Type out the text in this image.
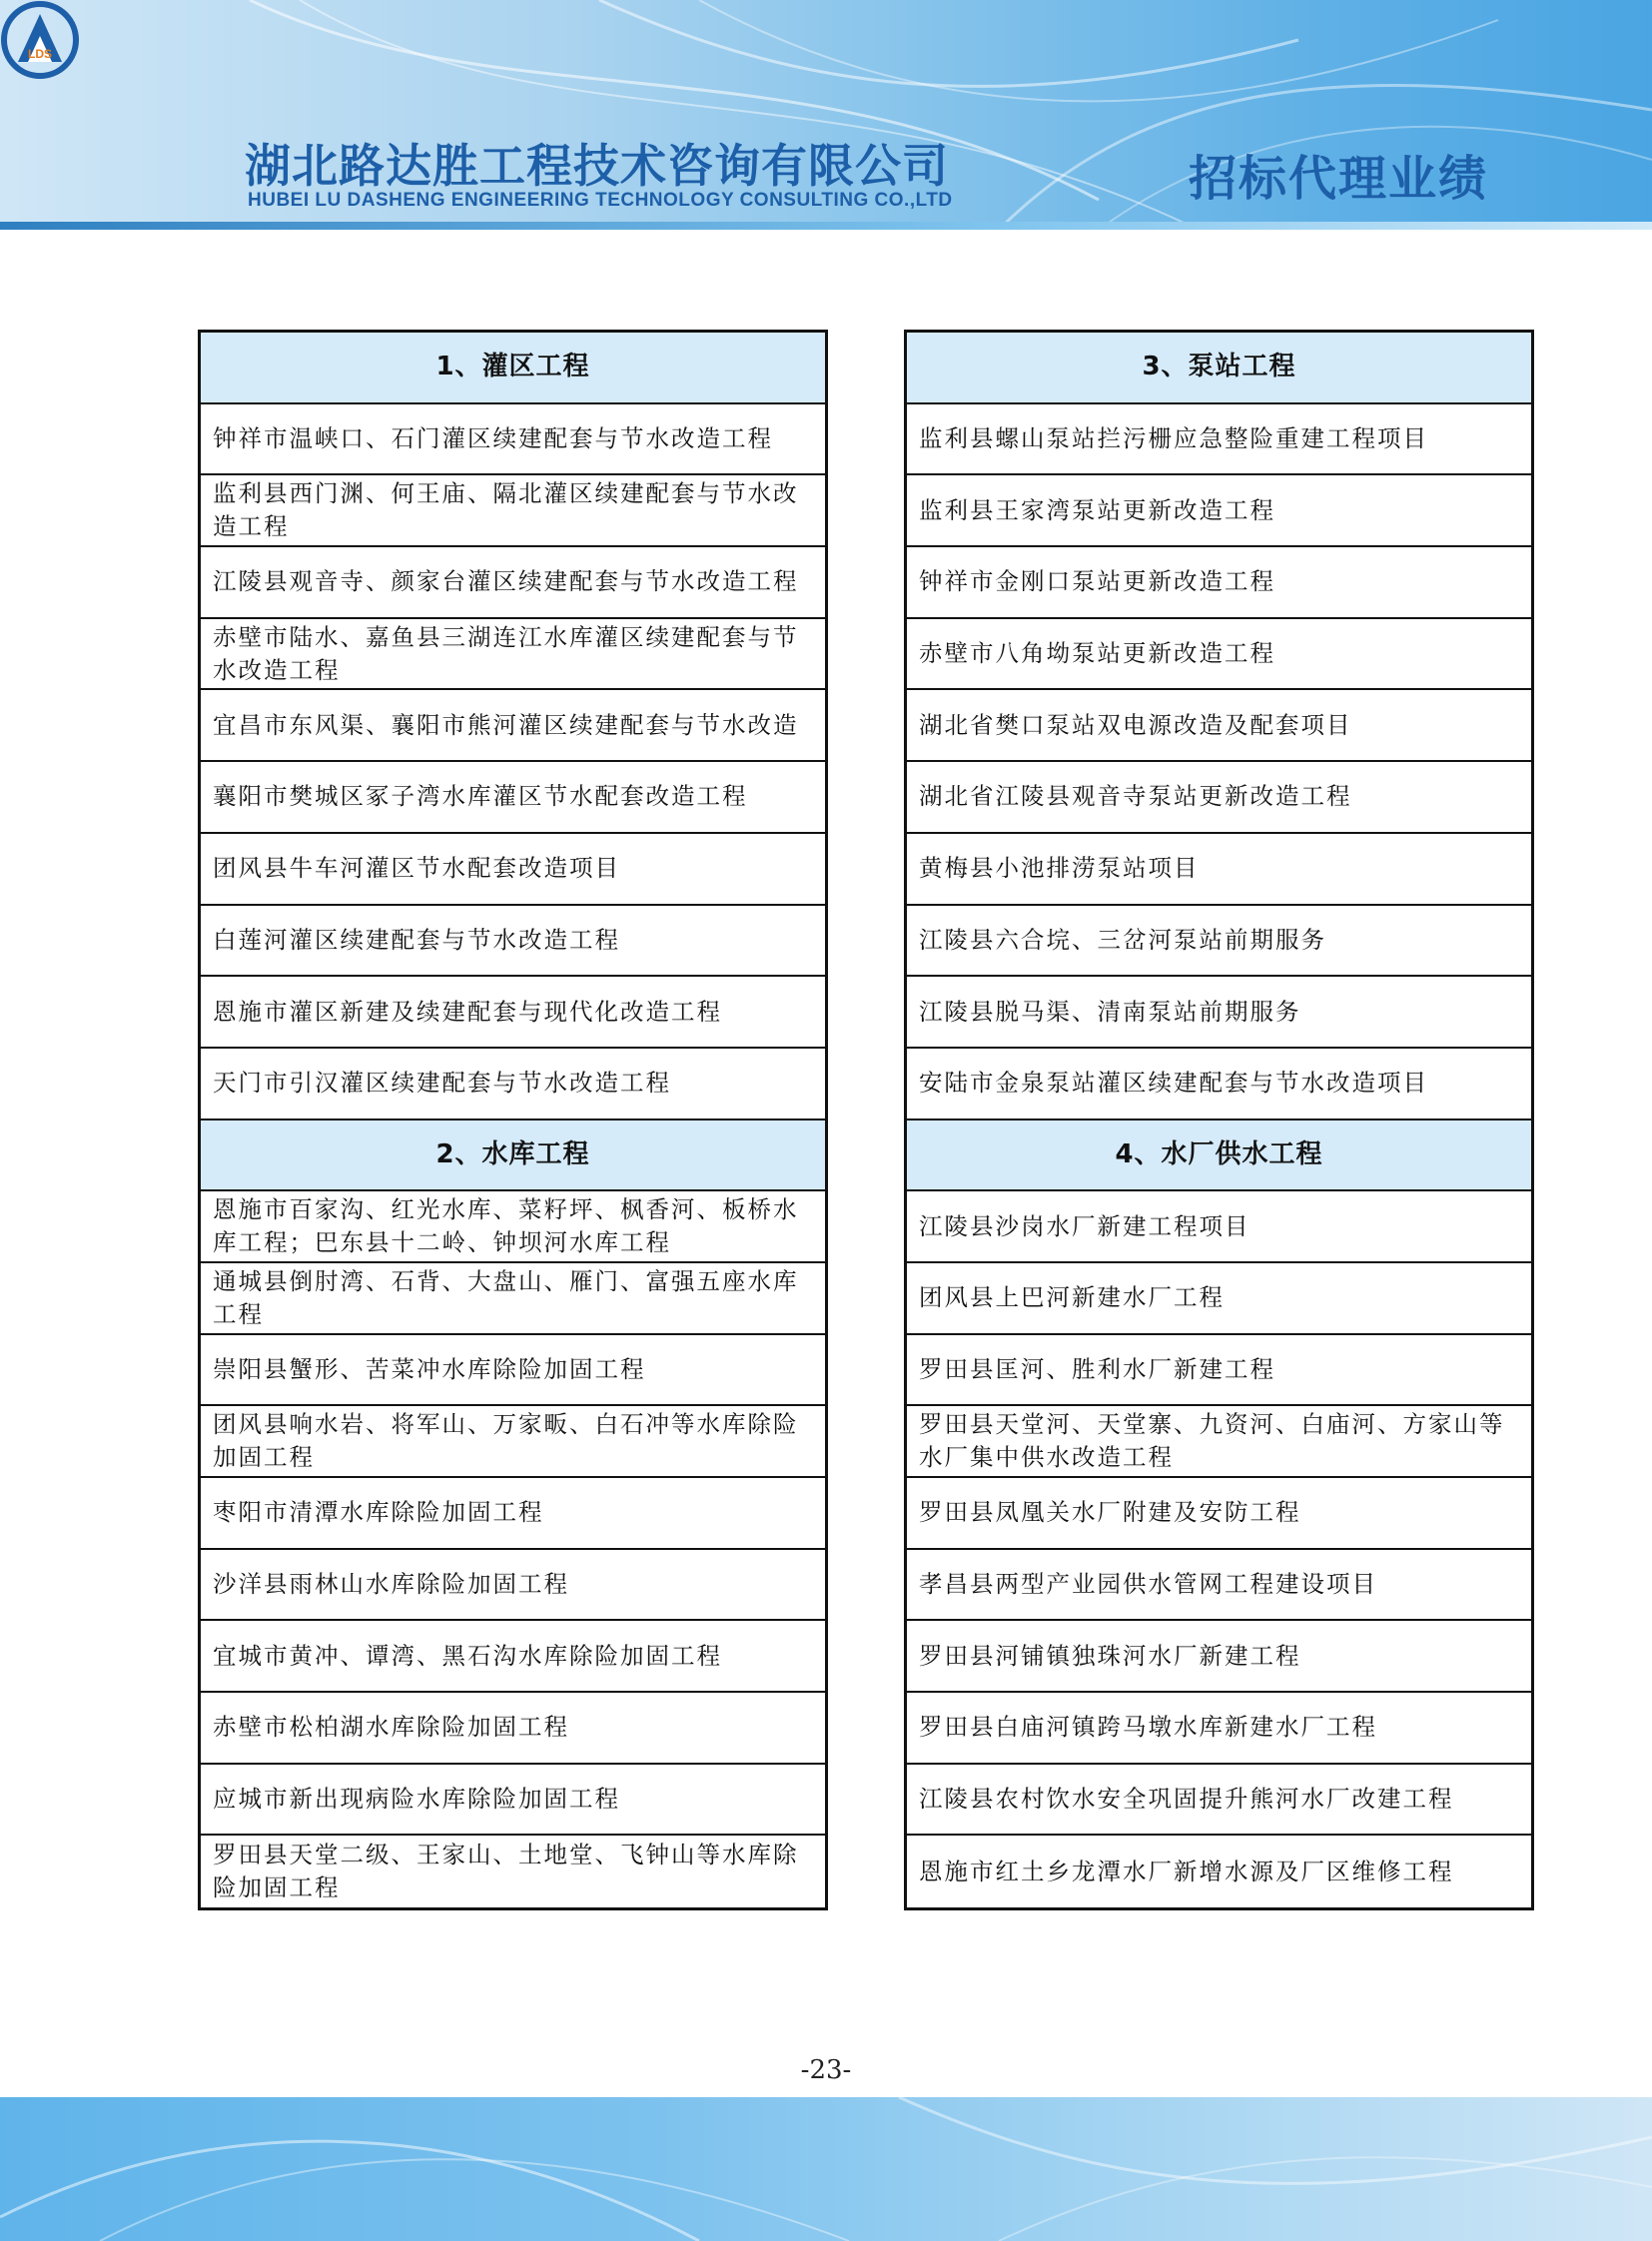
LDS
湖北路达胜工程技术咨询有限公司
HUBEI LU DASHENG ENGINEERING TECHNOLOGY CONSULTING CO.,LTD	招标代理业绩
1、灌区工程
钟祥市温峡口、石门灌区续建配套与节水改造工程
监利县西门渊、何王庙、隔北灌区续建配套与节水改造工程
江陵县观音寺、颜家台灌区续建配套与节水改造工程
赤壁市陆水、嘉鱼县三湖连江水库灌区续建配套与节水改造工程
宜昌市东风渠、襄阳市熊河灌区续建配套与节水改造
襄阳市樊城区冢子湾水库灌区节水配套改造工程
团风县牛车河灌区节水配套改造项目
白莲河灌区续建配套与节水改造工程
恩施市灌区新建及续建配套与现代化改造工程
天门市引汉灌区续建配套与节水改造工程
2、水库工程
恩施市百家沟、红光水库、菜籽坪、枫香河、板桥水库工程；巴东县十二岭、钟坝河水库工程
通城县倒肘湾、石背、大盘山、雁门、富强五座水库工程
崇阳县蟹形、苦菜冲水库除险加固工程
团风县响水岩、将军山、万家畈、白石冲等水库除险加固工程
枣阳市清潭水库除险加固工程
沙洋县雨林山水库除险加固工程
宜城市黄冲、谭湾、黑石沟水库除险加固工程
赤壁市松柏湖水库除险加固工程
应城市新出现病险水库除险加固工程
罗田县天堂二级、王家山、土地堂、飞钟山等水库除险加固工程
3、泵站工程
监利县螺山泵站拦污栅应急整险重建工程项目
监利县王家湾泵站更新改造工程
钟祥市金刚口泵站更新改造工程
赤壁市八角坳泵站更新改造工程
湖北省樊口泵站双电源改造及配套项目
湖北省江陵县观音寺泵站更新改造工程
黄梅县小池排涝泵站项目
江陵县六合垸、三岔河泵站前期服务
江陵县脱马渠、清南泵站前期服务
安陆市金泉泵站灌区续建配套与节水改造项目
4、水厂供水工程
江陵县沙岗水厂新建工程项目
团风县上巴河新建水厂工程
罗田县匡河、胜利水厂新建工程
罗田县天堂河、天堂寨、九资河、白庙河、方家山等水厂集中供水改造工程
罗田县凤凰关水厂附建及安防工程
孝昌县两型产业园供水管网工程建设项目
罗田县河铺镇独珠河水厂新建工程
罗田县白庙河镇跨马墩水库新建水厂工程
江陵县农村饮水安全巩固提升熊河水厂改建工程
恩施市红土乡龙潭水厂新增水源及厂区维修工程
-23-
